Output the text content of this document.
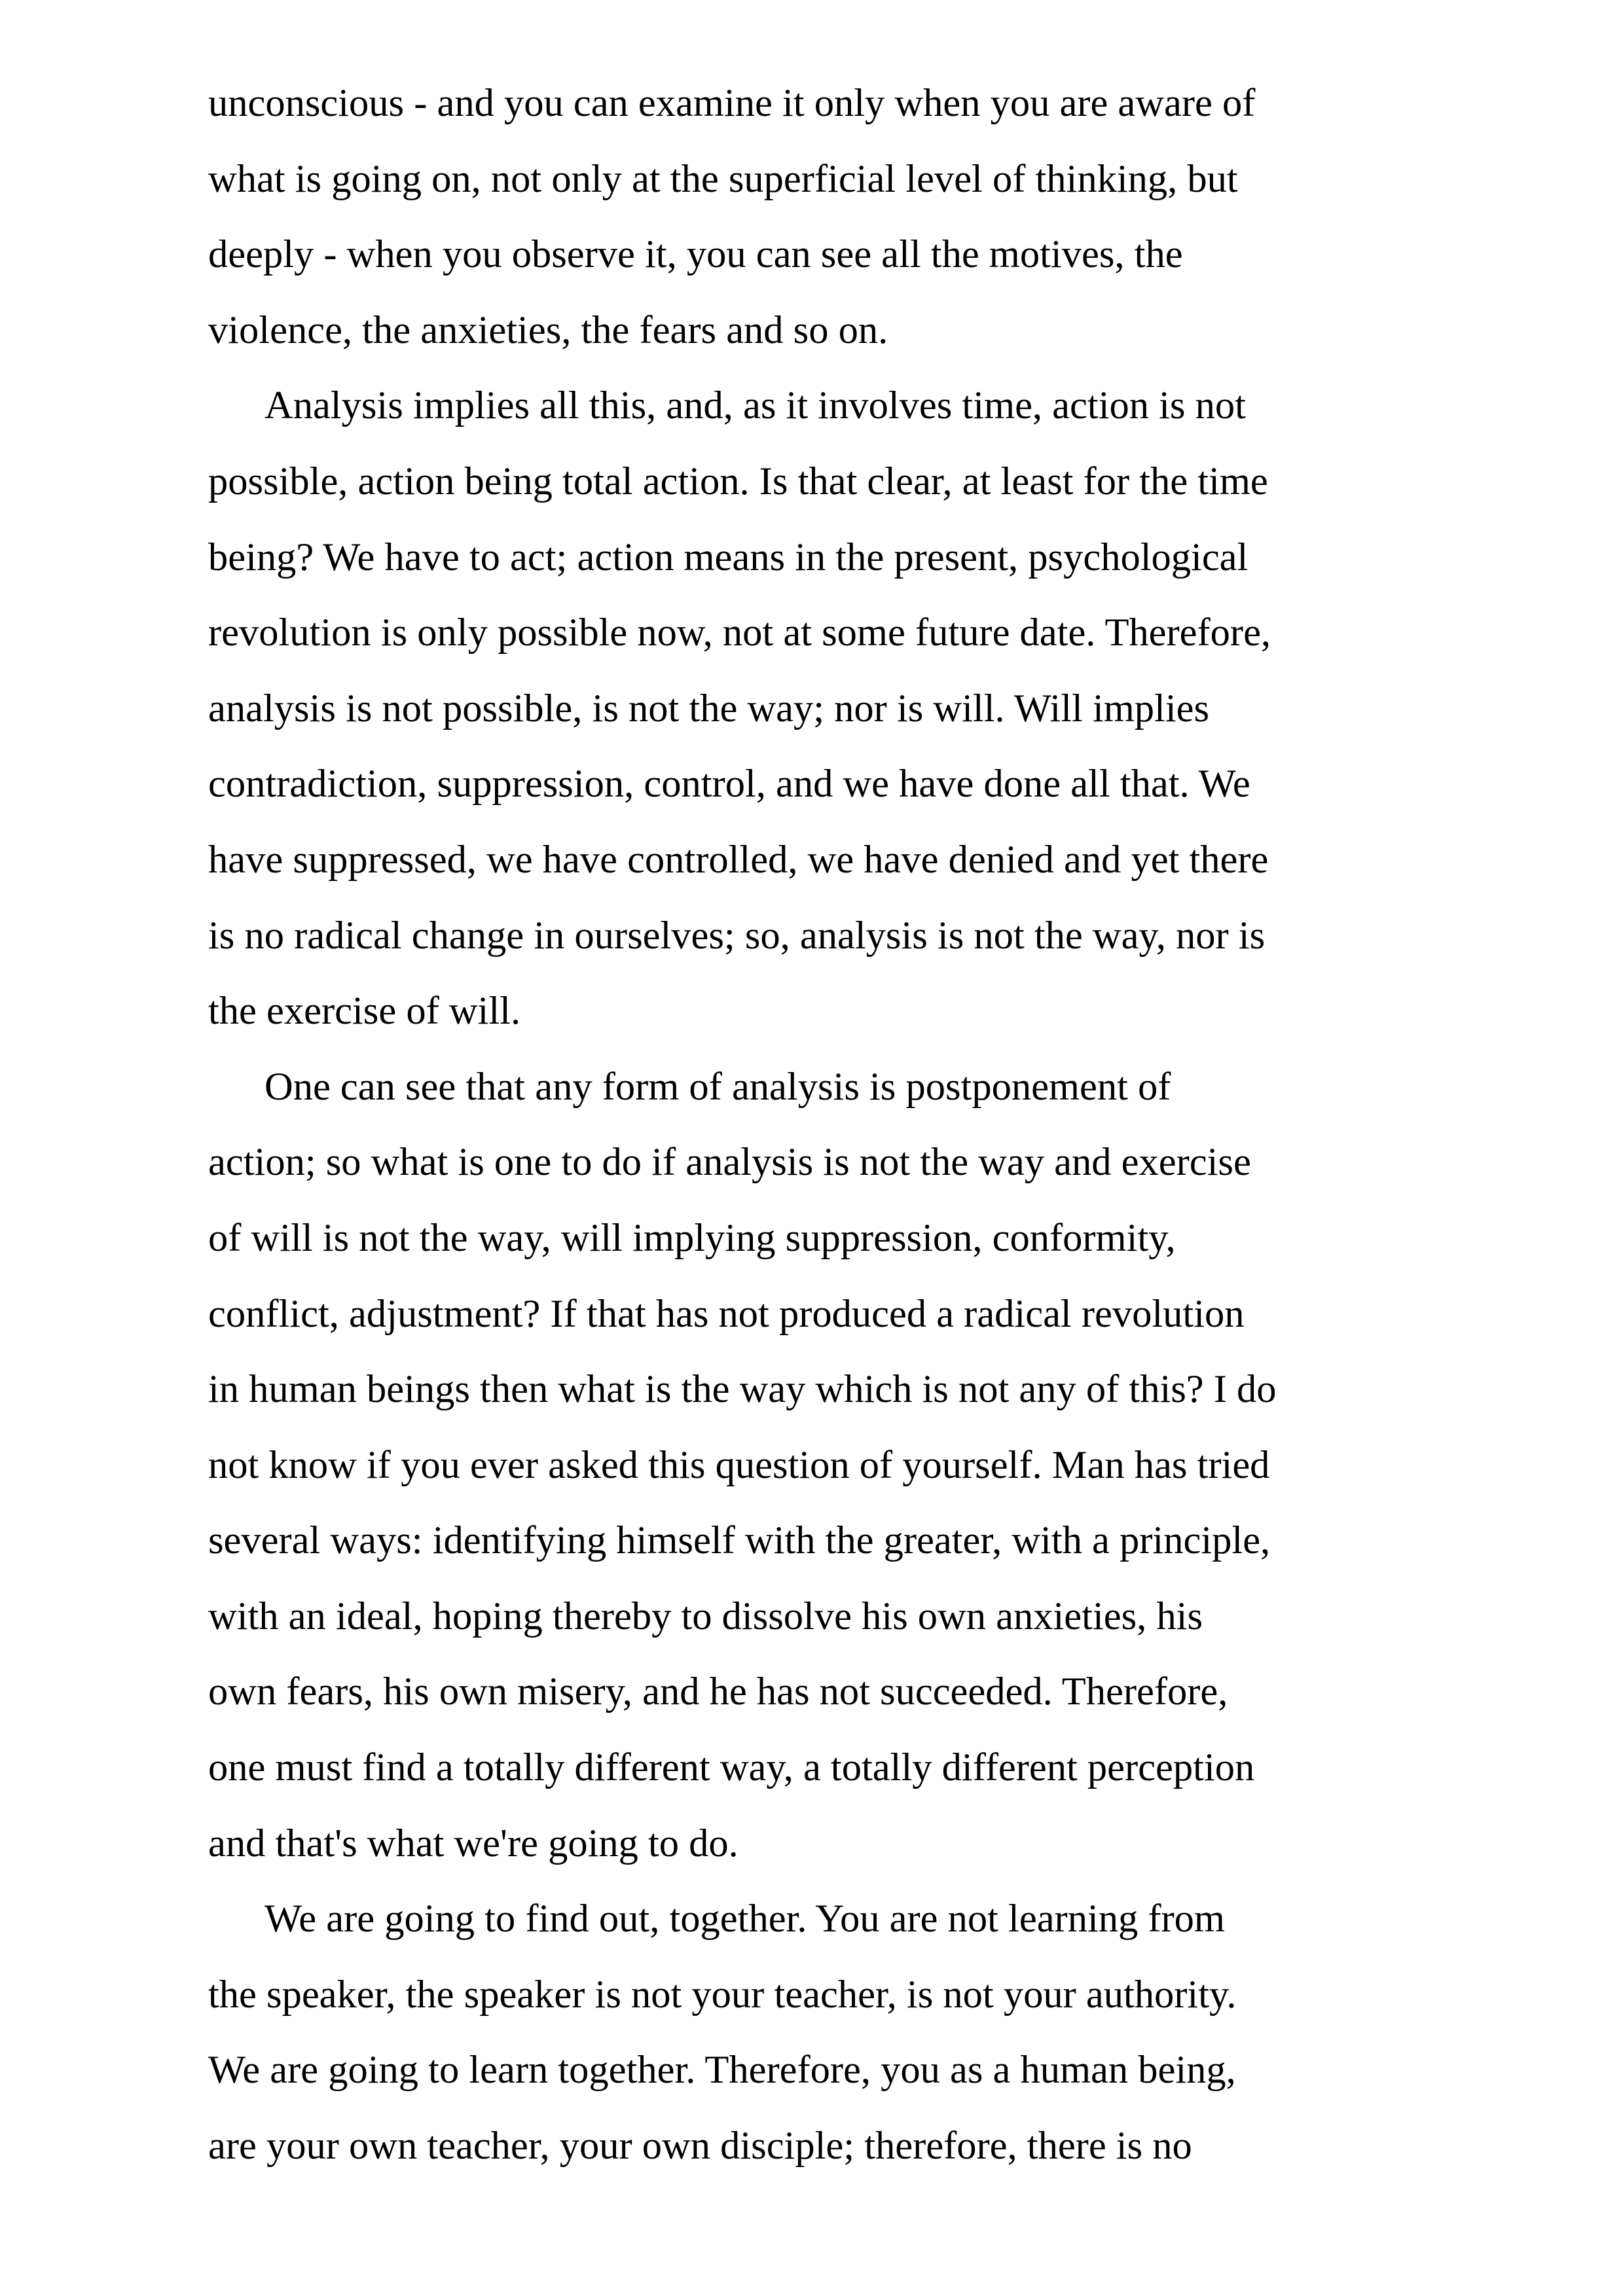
unconscious - and you can examine it only when you are aware of
what is going on, not only at the superficial level of thinking, but
deeply - when you observe it, you can see all the motives, the
violence, the anxieties, the fears and so on.
Analysis implies all this, and, as it involves time, action is not
possible, action being total action. Is that clear, at least for the time
being? We have to act; action means in the present, psychological
revolution is only possible now, not at some future date. Therefore,
analysis is not possible, is not the way; nor is will. Will implies
contradiction, suppression, control, and we have done all that. We
have suppressed, we have controlled, we have denied and yet there
is no radical change in ourselves; so, analysis is not the way, nor is
the exercise of will.
One can see that any form of analysis is postponement of
action; so what is one to do if analysis is not the way and exercise
of will is not the way, will implying suppression, conformity,
conflict, adjustment? If that has not produced a radical revolution
in human beings then what is the way which is not any of this? I do
not know if you ever asked this question of yourself. Man has tried
several ways: identifying himself with the greater, with a principle,
with an ideal, hoping thereby to dissolve his own anxieties, his
own fears, his own misery, and he has not succeeded. Therefore,
one must find a totally different way, a totally different perception
and that's what we're going to do.
We are going to find out, together. You are not learning from
the speaker, the speaker is not your teacher, is not your authority.
We are going to learn together. Therefore, you as a human being,
are your own teacher, your own disciple; therefore, there is no
